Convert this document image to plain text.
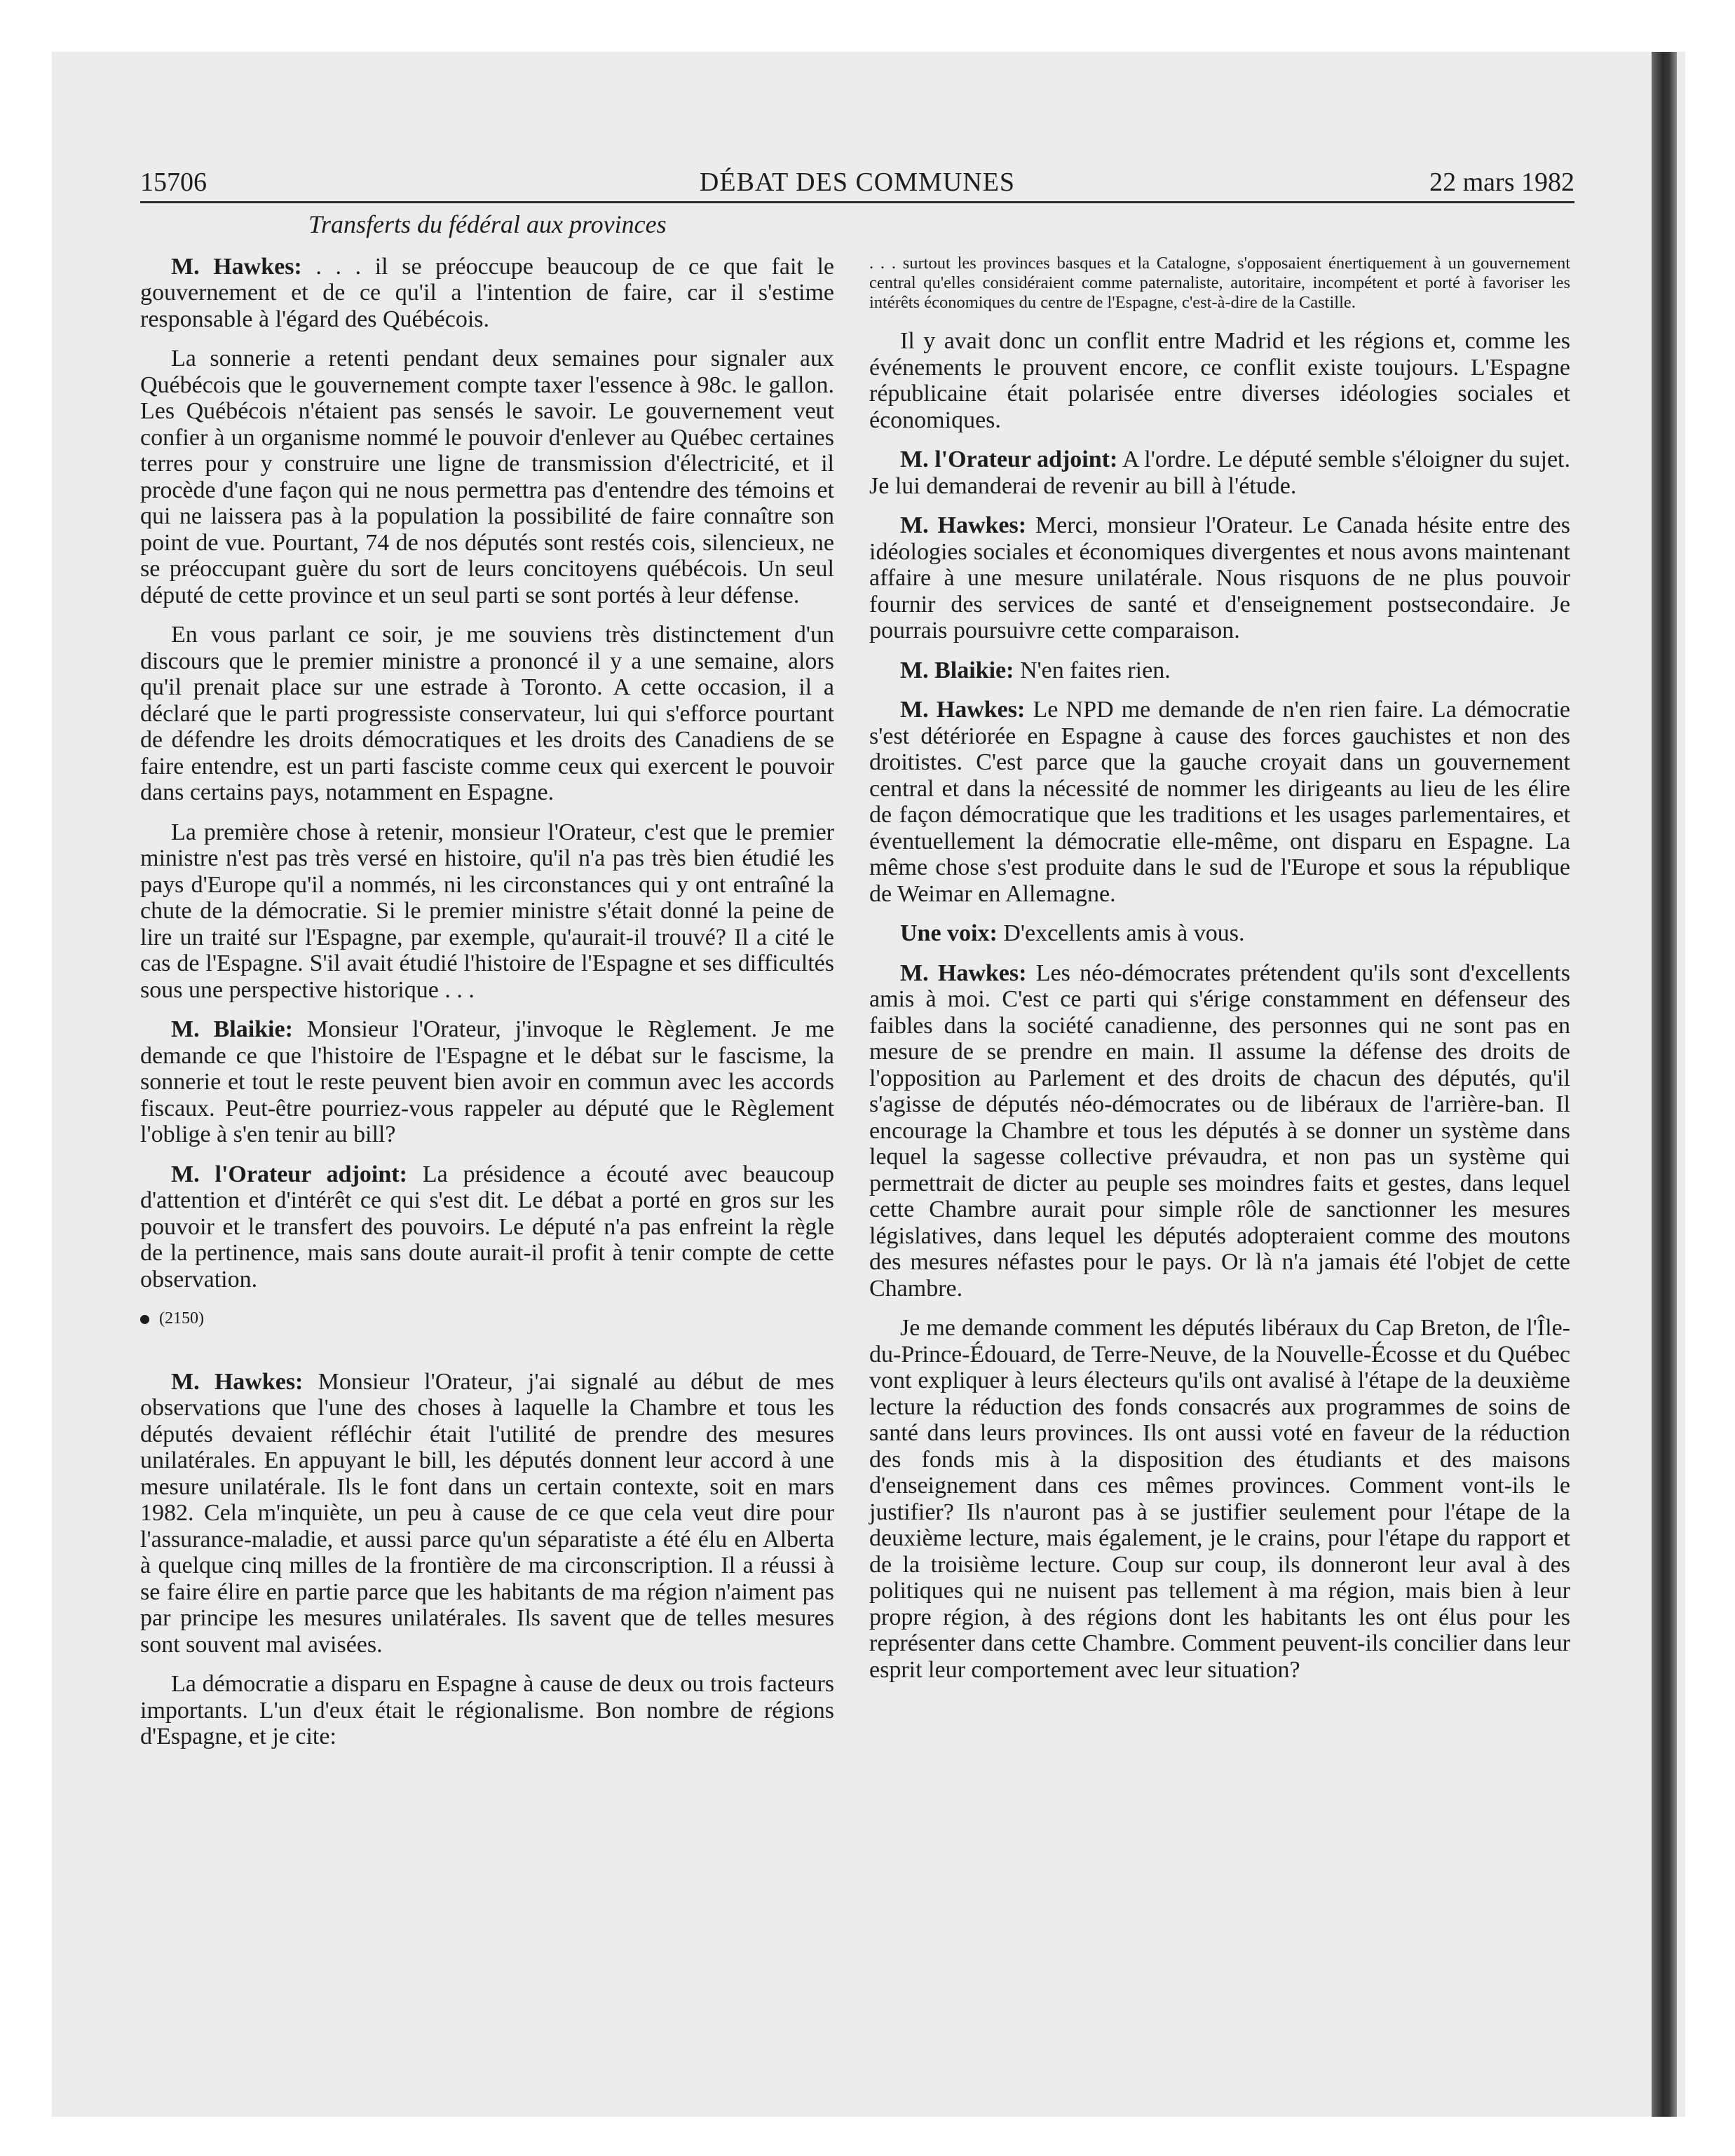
15706	DÉBAT DES COMMUNES	22 mars 1982

Transferts du fédéral aux provinces

M. Hawkes: . . . il se préoccupe beaucoup de ce que fait le gouvernement et de ce qu'il a l'intention de faire, car il s'estime responsable à l'égard des Québécois.

La sonnerie a retenti pendant deux semaines pour signaler aux Québécois que le gouvernement compte taxer l'essence à 98c. le gallon. Les Québécois n'étaient pas sensés le savoir. Le gouvernement veut confier à un organisme nommé le pouvoir d'enlever au Québec certaines terres pour y construire une ligne de transmission d'électricité, et il procède d'une façon qui ne nous permettra pas d'entendre des témoins et qui ne laissera pas à la population la possibilité de faire connaître son point de vue. Pourtant, 74 de nos députés sont restés cois, silencieux, ne se préoccupant guère du sort de leurs concitoyens québécois. Un seul député de cette province et un seul parti se sont portés à leur défense.

En vous parlant ce soir, je me souviens très distinctement d'un discours que le premier ministre a prononcé il y a une semaine, alors qu'il prenait place sur une estrade à Toronto. A cette occasion, il a déclaré que le parti progressiste conservateur, lui qui s'efforce pourtant de défendre les droits démocratiques et les droits des Canadiens de se faire entendre, est un parti fasciste comme ceux qui exercent le pouvoir dans certains pays, notamment en Espagne.

La première chose à retenir, monsieur l'Orateur, c'est que le premier ministre n'est pas très versé en histoire, qu'il n'a pas très bien étudié les pays d'Europe qu'il a nommés, ni les circonstances qui y ont entraîné la chute de la démocratie. Si le premier ministre s'était donné la peine de lire un traité sur l'Espagne, par exemple, qu'aurait-il trouvé? Il a cité le cas de l'Espagne. S'il avait étudié l'histoire de l'Espagne et ses difficultés sous une perspective historique . . .

M. Blaikie: Monsieur l'Orateur, j'invoque le Règlement. Je me demande ce que l'histoire de l'Espagne et le débat sur le fascisme, la sonnerie et tout le reste peuvent bien avoir en commun avec les accords fiscaux. Peut-être pourriez-vous rappeler au député que le Règlement l'oblige à s'en tenir au bill?

M. l'Orateur adjoint: La présidence a écouté avec beaucoup d'attention et d'intérêt ce qui s'est dit. Le débat a porté en gros sur les pouvoir et le transfert des pouvoirs. Le député n'a pas enfreint la règle de la pertinence, mais sans doute aurait-il profit à tenir compte de cette observation.

(2150)

M. Hawkes: Monsieur l'Orateur, j'ai signalé au début de mes observations que l'une des choses à laquelle la Chambre et tous les députés devaient réfléchir était l'utilité de prendre des mesures unilatérales. En appuyant le bill, les députés donnent leur accord à une mesure unilatérale. Ils le font dans un certain contexte, soit en mars 1982. Cela m'inquiète, un peu à cause de ce que cela veut dire pour l'assurance-maladie, et aussi parce qu'un séparatiste a été élu en Alberta à quelque cinq milles de la frontière de ma circonscription. Il a réussi à se faire élire en partie parce que les habitants de ma région n'aiment pas par principe les mesures unilatérales. Ils savent que de telles mesures sont souvent mal avisées.

La démocratie a disparu en Espagne à cause de deux ou trois facteurs importants. L'un d'eux était le régionalisme. Bon nombre de régions d'Espagne, et je cite:

. . . surtout les provinces basques et la Catalogne, s'opposaient énertiquement à un gouvernement central qu'elles considéraient comme paternaliste, autoritaire, incompétent et porté à favoriser les intérêts économiques du centre de l'Espagne, c'est-à-dire de la Castille.

Il y avait donc un conflit entre Madrid et les régions et, comme les événements le prouvent encore, ce conflit existe toujours. L'Espagne républicaine était polarisée entre diverses idéologies sociales et économiques.

M. l'Orateur adjoint: A l'ordre. Le député semble s'éloigner du sujet. Je lui demanderai de revenir au bill à l'étude.

M. Hawkes: Merci, monsieur l'Orateur. Le Canada hésite entre des idéologies sociales et économiques divergentes et nous avons maintenant affaire à une mesure unilatérale. Nous risquons de ne plus pouvoir fournir des services de santé et d'enseignement postsecondaire. Je pourrais poursuivre cette comparaison.

M. Blaikie: N'en faites rien.

M. Hawkes: Le NPD me demande de n'en rien faire. La démocratie s'est détériorée en Espagne à cause des forces gauchistes et non des droitistes. C'est parce que la gauche croyait dans un gouvernement central et dans la nécessité de nommer les dirigeants au lieu de les élire de façon démocratique que les traditions et les usages parlementaires, et éventuellement la démocratie elle-même, ont disparu en Espagne. La même chose s'est produite dans le sud de l'Europe et sous la république de Weimar en Allemagne.

Une voix: D'excellents amis à vous.

M. Hawkes: Les néo-démocrates prétendent qu'ils sont d'excellents amis à moi. C'est ce parti qui s'érige constamment en défenseur des faibles dans la société canadienne, des personnes qui ne sont pas en mesure de se prendre en main. Il assume la défense des droits de l'opposition au Parlement et des droits de chacun des députés, qu'il s'agisse de députés néo-démocrates ou de libéraux de l'arrière-ban. Il encourage la Chambre et tous les députés à se donner un système dans lequel la sagesse collective prévaudra, et non pas un système qui permettrait de dicter au peuple ses moindres faits et gestes, dans lequel cette Chambre aurait pour simple rôle de sanctionner les mesures législatives, dans lequel les députés adopteraient comme des moutons des mesures néfastes pour le pays. Or là n'a jamais été l'objet de cette Chambre.

Je me demande comment les députés libéraux du Cap Breton, de l'Île-du-Prince-Édouard, de Terre-Neuve, de la Nouvelle-Écosse et du Québec vont expliquer à leurs électeurs qu'ils ont avalisé à l'étape de la deuxième lecture la réduction des fonds consacrés aux programmes de soins de santé dans leurs provinces. Ils ont aussi voté en faveur de la réduction des fonds mis à la disposition des étudiants et des maisons d'enseignement dans ces mêmes provinces. Comment vont-ils le justifier? Ils n'auront pas à se justifier seulement pour l'étape de la deuxième lecture, mais également, je le crains, pour l'étape du rapport et de la troisième lecture. Coup sur coup, ils donneront leur aval à des politiques qui ne nuisent pas tellement à ma région, mais bien à leur propre région, à des régions dont les habitants les ont élus pour les représenter dans cette Chambre. Comment peuvent-ils concilier dans leur esprit leur comportement avec leur situation?
